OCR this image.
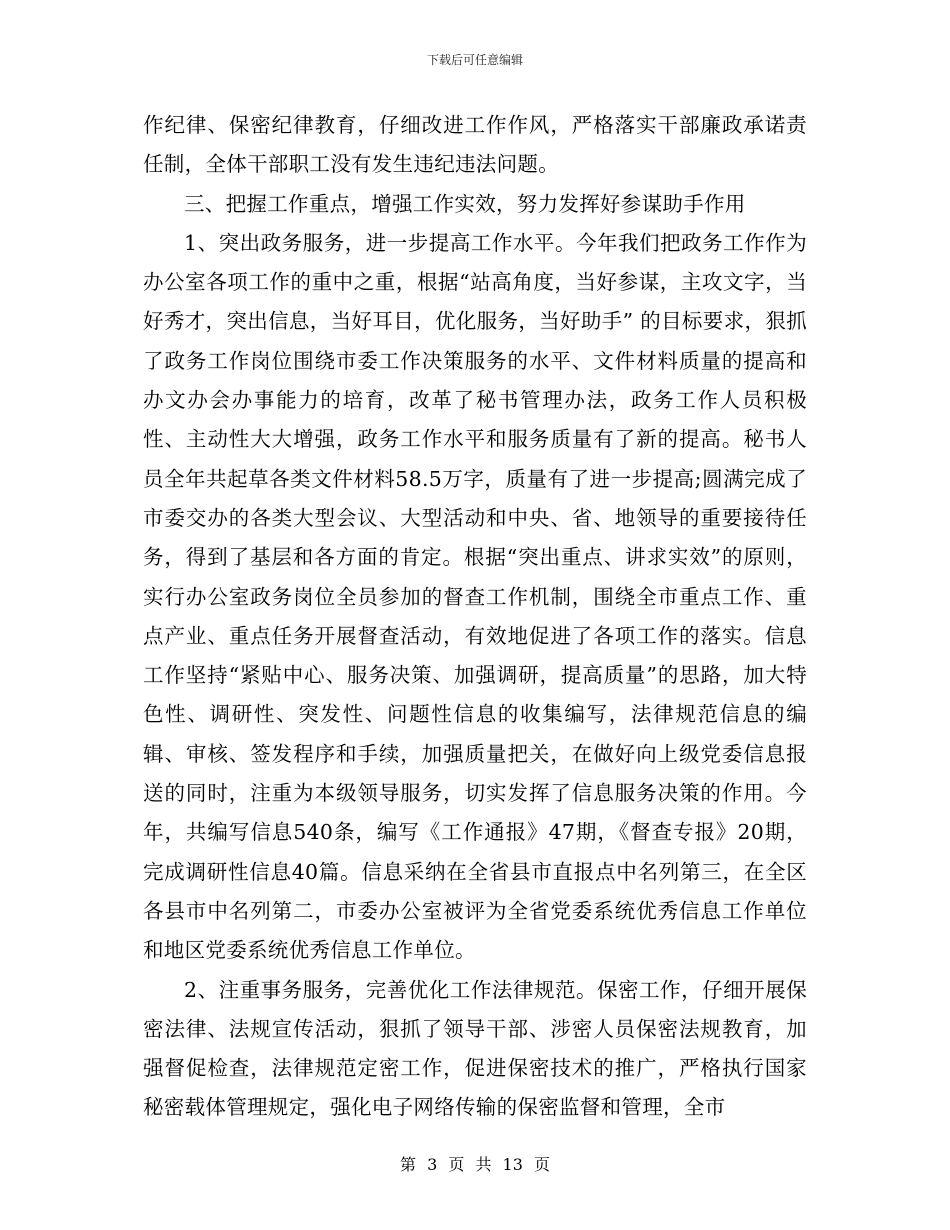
下载后可任意编辑

作纪律、保密纪律教育，仔细改进工作作风，严格落实干部廉政承诺责任制，全体干部职工没有发生违纪违法问题。

三、把握工作重点，增强工作实效，努力发挥好参谋助手作用

1、突出政务服务，进一步提高工作水平。今年我们把政务工作作为办公室各项工作的重中之重，根据“站高角度，当好参谋，主攻文字，当好秀才，突出信息，当好耳目，优化服务，当好助手” 的目标要求，狠抓了政务工作岗位围绕市委工作决策服务的水平、文件材料质量的提高和办文办会办事能力的培育，改革了秘书管理办法，政务工作人员积极性、主动性大大增强，政务工作水平和服务质量有了新的提高。秘书人员全年共起草各类文件材料58.5万字，质量有了进一步提高;圆满完成了市委交办的各类大型会议、大型活动和中央、省、地领导的重要接待任务，得到了基层和各方面的肯定。根据“突出重点、讲求实效”的原则，实行办公室政务岗位全员参加的督查工作机制，围绕全市重点工作、重点产业、重点任务开展督查活动，有效地促进了各项工作的落实。信息工作坚持“紧贴中心、服务决策、加强调研，提高质量”的思路，加大特色性、调研性、突发性、问题性信息的收集编写，法律规范信息的编辑、审核、签发程序和手续，加强质量把关，在做好向上级党委信息报送的同时，注重为本级领导服务，切实发挥了信息服务决策的作用。今年，共编写信息540条，编写《工作通报》47期，《督查专报》20期，完成调研性信息40篇。信息采纳在全省县市直报点中名列第三，在全区各县市中名列第二，市委办公室被评为全省党委系统优秀信息工作单位和地区党委系统优秀信息工作单位。

2、注重事务服务，完善优化工作法律规范。保密工作，仔细开展保密法律、法规宣传活动，狠抓了领导干部、涉密人员保密法规教育，加强督促检查，法律规范定密工作，促进保密技术的推广，严格执行国家秘密载体管理规定，强化电子网络传输的保密监督和管理，全市

第 3 页 共 13 页
